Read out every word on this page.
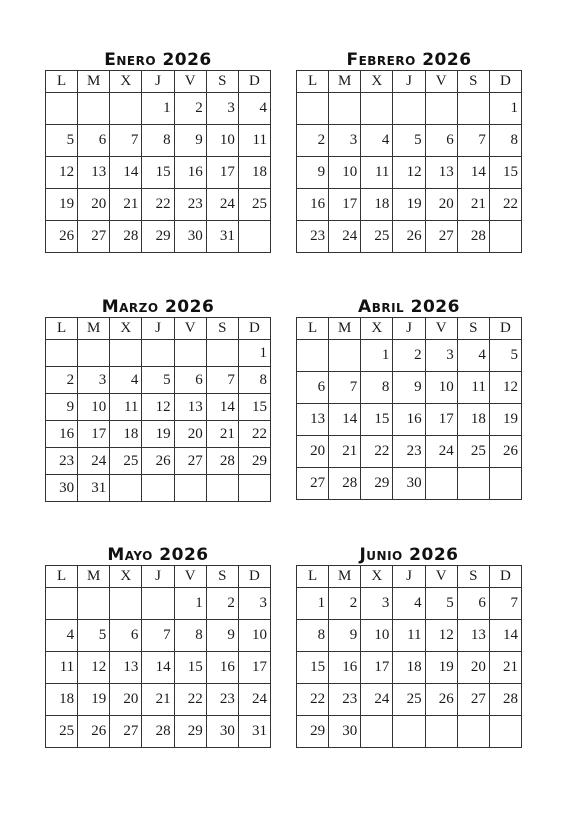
Enero 2026
L	M	X	J	V	S	D
			1	2	3	4
5	6	7	8	9	10	11
12	13	14	15	16	17	18
19	20	21	22	23	24	25
26	27	28	29	30	31	
Febrero 2026
L	M	X	J	V	S	D
						1
2	3	4	5	6	7	8
9	10	11	12	13	14	15
16	17	18	19	20	21	22
23	24	25	26	27	28	
Marzo 2026
L	M	X	J	V	S	D
						1
2	3	4	5	6	7	8
9	10	11	12	13	14	15
16	17	18	19	20	21	22
23	24	25	26	27	28	29
30	31					
Abril 2026
L	M	X	J	V	S	D
		1	2	3	4	5
6	7	8	9	10	11	12
13	14	15	16	17	18	19
20	21	22	23	24	25	26
27	28	29	30			
Mayo 2026
L	M	X	J	V	S	D
				1	2	3
4	5	6	7	8	9	10
11	12	13	14	15	16	17
18	19	20	21	22	23	24
25	26	27	28	29	30	31
Junio 2026
L	M	X	J	V	S	D
1	2	3	4	5	6	7
8	9	10	11	12	13	14
15	16	17	18	19	20	21
22	23	24	25	26	27	28
29	30					
